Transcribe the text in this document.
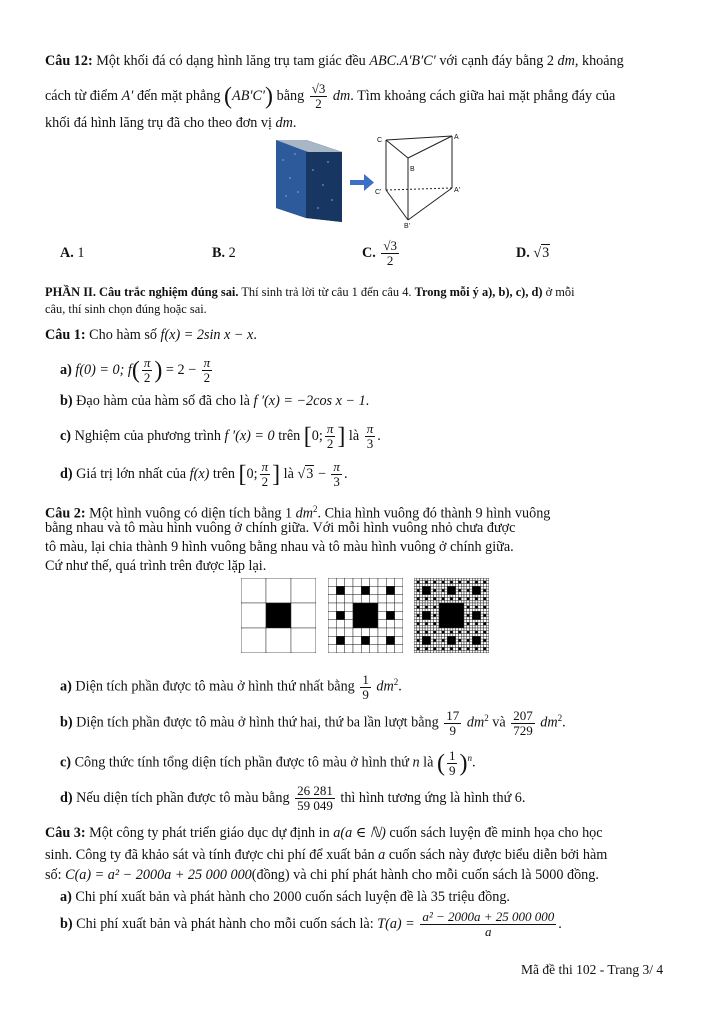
Câu 12: Một khối đá có dạng hình lăng trụ tam giác đều ABC.A′B′C′ với cạnh đáy bằng 2 dm, khoảng
cách từ điểm A′ đến mặt phẳng (AB′C′) bằng $\frac{√3}{2}$ dm. Tìm khoảng cách giữa hai mặt phẳng đáy của
khối đá hình lăng trụ đã cho theo đơn vị dm.
C	A
B
C'	A'
B'
A. 1	B. 2	C. $\frac{√3}{2}$	D. √3
PHẦN II. Câu trắc nghiệm đúng sai. Thí sinh trả lời từ câu 1 đến câu 4. Trong mỗi ý a), b), c), d) ở mỗi
câu, thí sinh chọn đúng hoặc sai.
Câu 1: Cho hàm số f(x) = 2sin x − x.
a) f(0) = 0; $f( \frac{\pi}{2}$ ) = $2 - \frac{\pi}{2}$
b) Đạo hàm của hàm số đã cho là f ′(x) = −2cos x − 1.
c) Nghiệm của phương trình f ′(x) = 0 trên [0; $\frac{\pi}{2}$ ] là $\frac{\pi}{3}$ .
d) Giá trị lớn nhất của f(x) trên [0; $\frac{\pi}{2}$ ] là $√3 - \frac{\pi}{3}$ .
Câu 2: Một hình vuông có diện tích bằng 1 $dm^2$. Chia hình vuông đó thành 9 hình vuông
bằng nhau và tô màu hình vuông ở chính giữa. Với mỗi hình vuông nhỏ chưa được
tô màu, lại chia thành 9 hình vuông bằng nhau và tô màu hình vuông ở chính giữa.
Cứ như thế, quá trình trên được lặp lại.
a) Diện tích phần được tô màu ở hình thứ nhất bằng $\frac{1}{9} dm^2$.
b) Diện tích phần được tô màu ở hình thứ hai, thứ ba lần lượt bằng $\frac{17}{9} dm^2$ và $\frac{207}{729} dm^2$.
c) Công thức tính tổng diện tích phần được tô màu ở hình thứ n là ( $\frac{1}{9} )^n$.
d) Nếu diện tích phần được tô màu bằng $\frac{26 281}{59 049}$ thì hình tương ứng là hình thứ 6.
Câu 3: Một công ty phát triển giáo dục dự định in a(a ∈ ℕ) cuốn sách luyện đề minh họa cho học
sinh. Công ty đã khảo sát và tính được chi phí để xuất bản a cuốn sách này được biểu diễn bởi hàm
số: C(a) = a² − 2000a + 25 000 000(đồng) và chi phí phát hành cho mỗi cuốn sách là 5000 đồng.
a) Chi phí xuất bản và phát hành cho 2000 cuốn sách luyện đề là 35 triệu đồng.
b) Chi phí xuất bản và phát hành cho mỗi cuốn sách là: $T(a) = \frac{\text{a² − 2000a + 25 000 000}}{a}$ .
Mã đề thi 102 - Trang 3/ 4
